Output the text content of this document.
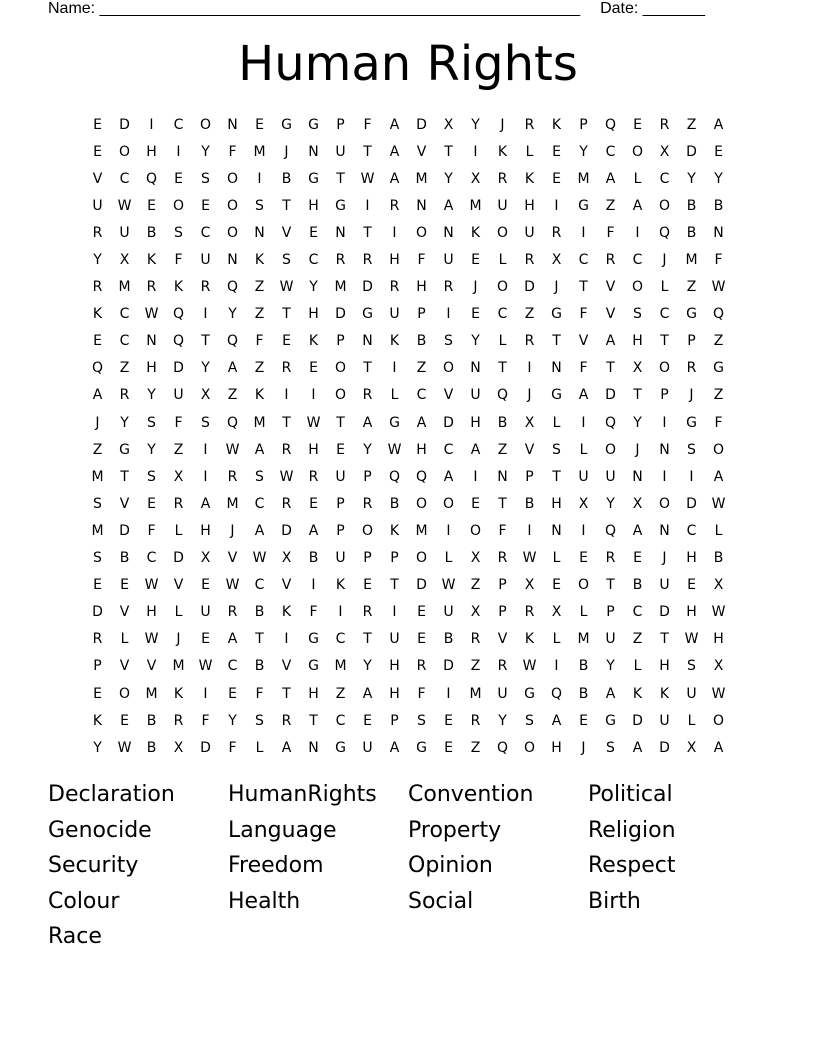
Name: ______________________________________________________ Date: _______
Human Rights
E	D	I	C	O	N	E	G	G	P	F	A	D	X	Y	J	R	K	P	Q	E	R	Z	A
E	O	H	I	Y	F	M	J	N	U	T	A	V	T	I	K	L	E	Y	C	O	X	D	E
V	C	Q	E	S	O	I	B	G	T	W	A	M	Y	X	R	K	E	M	A	L	C	Y	Y
U	W	E	O	E	O	S	T	H	G	I	R	N	A	M	U	H	I	G	Z	A	O	B	B
R	U	B	S	C	O	N	V	E	N	T	I	O	N	K	O	U	R	I	F	I	Q	B	N
Y	X	K	F	U	N	K	S	C	R	R	H	F	U	E	L	R	X	C	R	C	J	M	F
R	M	R	K	R	Q	Z	W	Y	M	D	R	H	R	J	O	D	J	T	V	O	L	Z	W
K	C	W	Q	I	Y	Z	T	H	D	G	U	P	I	E	C	Z	G	F	V	S	C	G	Q
E	C	N	Q	T	Q	F	E	K	P	N	K	B	S	Y	L	R	T	V	A	H	T	P	Z
Q	Z	H	D	Y	A	Z	R	E	O	T	I	Z	O	N	T	I	N	F	T	X	O	R	G
A	R	Y	U	X	Z	K	I	I	O	R	L	C	V	U	Q	J	G	A	D	T	P	J	Z
J	Y	S	F	S	Q	M	T	W	T	A	G	A	D	H	B	X	L	I	Q	Y	I	G	F
Z	G	Y	Z	I	W	A	R	H	E	Y	W	H	C	A	Z	V	S	L	O	J	N	S	O
M	T	S	X	I	R	S	W	R	U	P	Q	Q	A	I	N	P	T	U	U	N	I	I	A
S	V	E	R	A	M	C	R	E	P	R	B	O	O	E	T	B	H	X	Y	X	O	D	W
M	D	F	L	H	J	A	D	A	P	O	K	M	I	O	F	I	N	I	Q	A	N	C	L
S	B	C	D	X	V	W	X	B	U	P	P	O	L	X	R	W	L	E	R	E	J	H	B
E	E	W	V	E	W	C	V	I	K	E	T	D	W	Z	P	X	E	O	T	B	U	E	X
D	V	H	L	U	R	B	K	F	I	R	I	E	U	X	P	R	X	L	P	C	D	H	W
R	L	W	J	E	A	T	I	G	C	T	U	E	B	R	V	K	L	M	U	Z	T	W	H
P	V	V	M	W	C	B	V	G	M	Y	H	R	D	Z	R	W	I	B	Y	L	H	S	X
E	O	M	K	I	E	F	T	H	Z	A	H	F	I	M	U	G	Q	B	A	K	K	U	W
K	E	B	R	F	Y	S	R	T	C	E	P	S	E	R	Y	S	A	E	G	D	U	L	O
Y	W	B	X	D	F	L	A	N	G	U	A	G	E	Z	Q	O	H	J	S	A	D	X	A
Declaration	HumanRights	Convention	Political
Genocide	Language	Property	Religion
Security	Freedom	Opinion	Respect
Colour	Health	Social	Birth
Race
